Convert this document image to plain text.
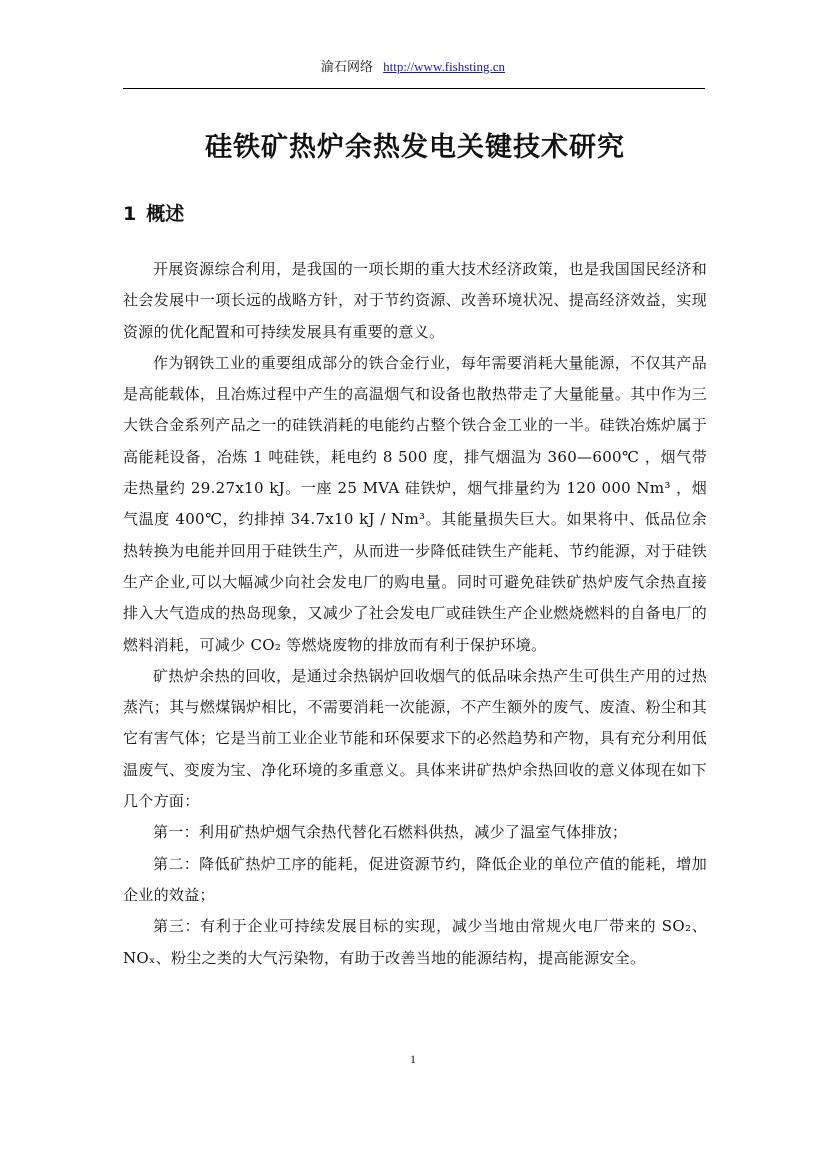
渝石网络 http://www.fishsting.cn
硅铁矿热炉余热发电关键技术研究
1 概述

开展资源综合利用，是我国的一项长期的重大技术经济政策，也是我国国民经济和社会发展中一项长远的战略方针，对于节约资源、改善环境状况、提高经济效益，实现资源的优化配置和可持续发展具有重要的意义。

作为钢铁工业的重要组成部分的铁合金行业，每年需要消耗大量能源，不仅其产品是高能载体，且冶炼过程中产生的高温烟气和设备也散热带走了大量能量。其中作为三大铁合金系列产品之一的硅铁消耗的电能约占整个铁合金工业的一半。硅铁冶炼炉属于高能耗设备，冶炼 1 吨硅铁，耗电约 8 500 度，排气烟温为 360—600℃ ，烟气带走热量约 29.27x10 kJ。一座 25 MVA 硅铁炉，烟气排量约为 120 000 Nm³ ，烟气温度 400℃，约排掉 34.7x10 kJ / Nm³。其能量损失巨大。如果将中、低品位余热转换为电能并回用于硅铁生产，从而进一步降低硅铁生产能耗、节约能源，对于硅铁生产企业,可以大幅减少向社会发电厂的购电量。同时可避免硅铁矿热炉废气余热直接排入大气造成的热岛现象，又减少了社会发电厂或硅铁生产企业燃烧燃料的自备电厂的燃料消耗，可减少 CO₂ 等燃烧废物的排放而有利于保护环境。

矿热炉余热的回收，是通过余热锅炉回收烟气的低品味余热产生可供生产用的过热蒸汽；其与燃煤锅炉相比，不需要消耗一次能源，不产生额外的废气、废渣、粉尘和其它有害气体；它是当前工业企业节能和环保要求下的必然趋势和产物，具有充分利用低温废气、变废为宝、净化环境的多重意义。具体来讲矿热炉余热回收的意义体现在如下几个方面：

第一：利用矿热炉烟气余热代替化石燃料供热，减少了温室气体排放；

第二：降低矿热炉工序的能耗，促进资源节约，降低企业的单位产值的能耗，增加企业的效益；

第三：有利于企业可持续发展目标的实现，减少当地由常规火电厂带来的 SO₂、NOₓ、粉尘之类的大气污染物，有助于改善当地的能源结构，提高能源安全。

1
